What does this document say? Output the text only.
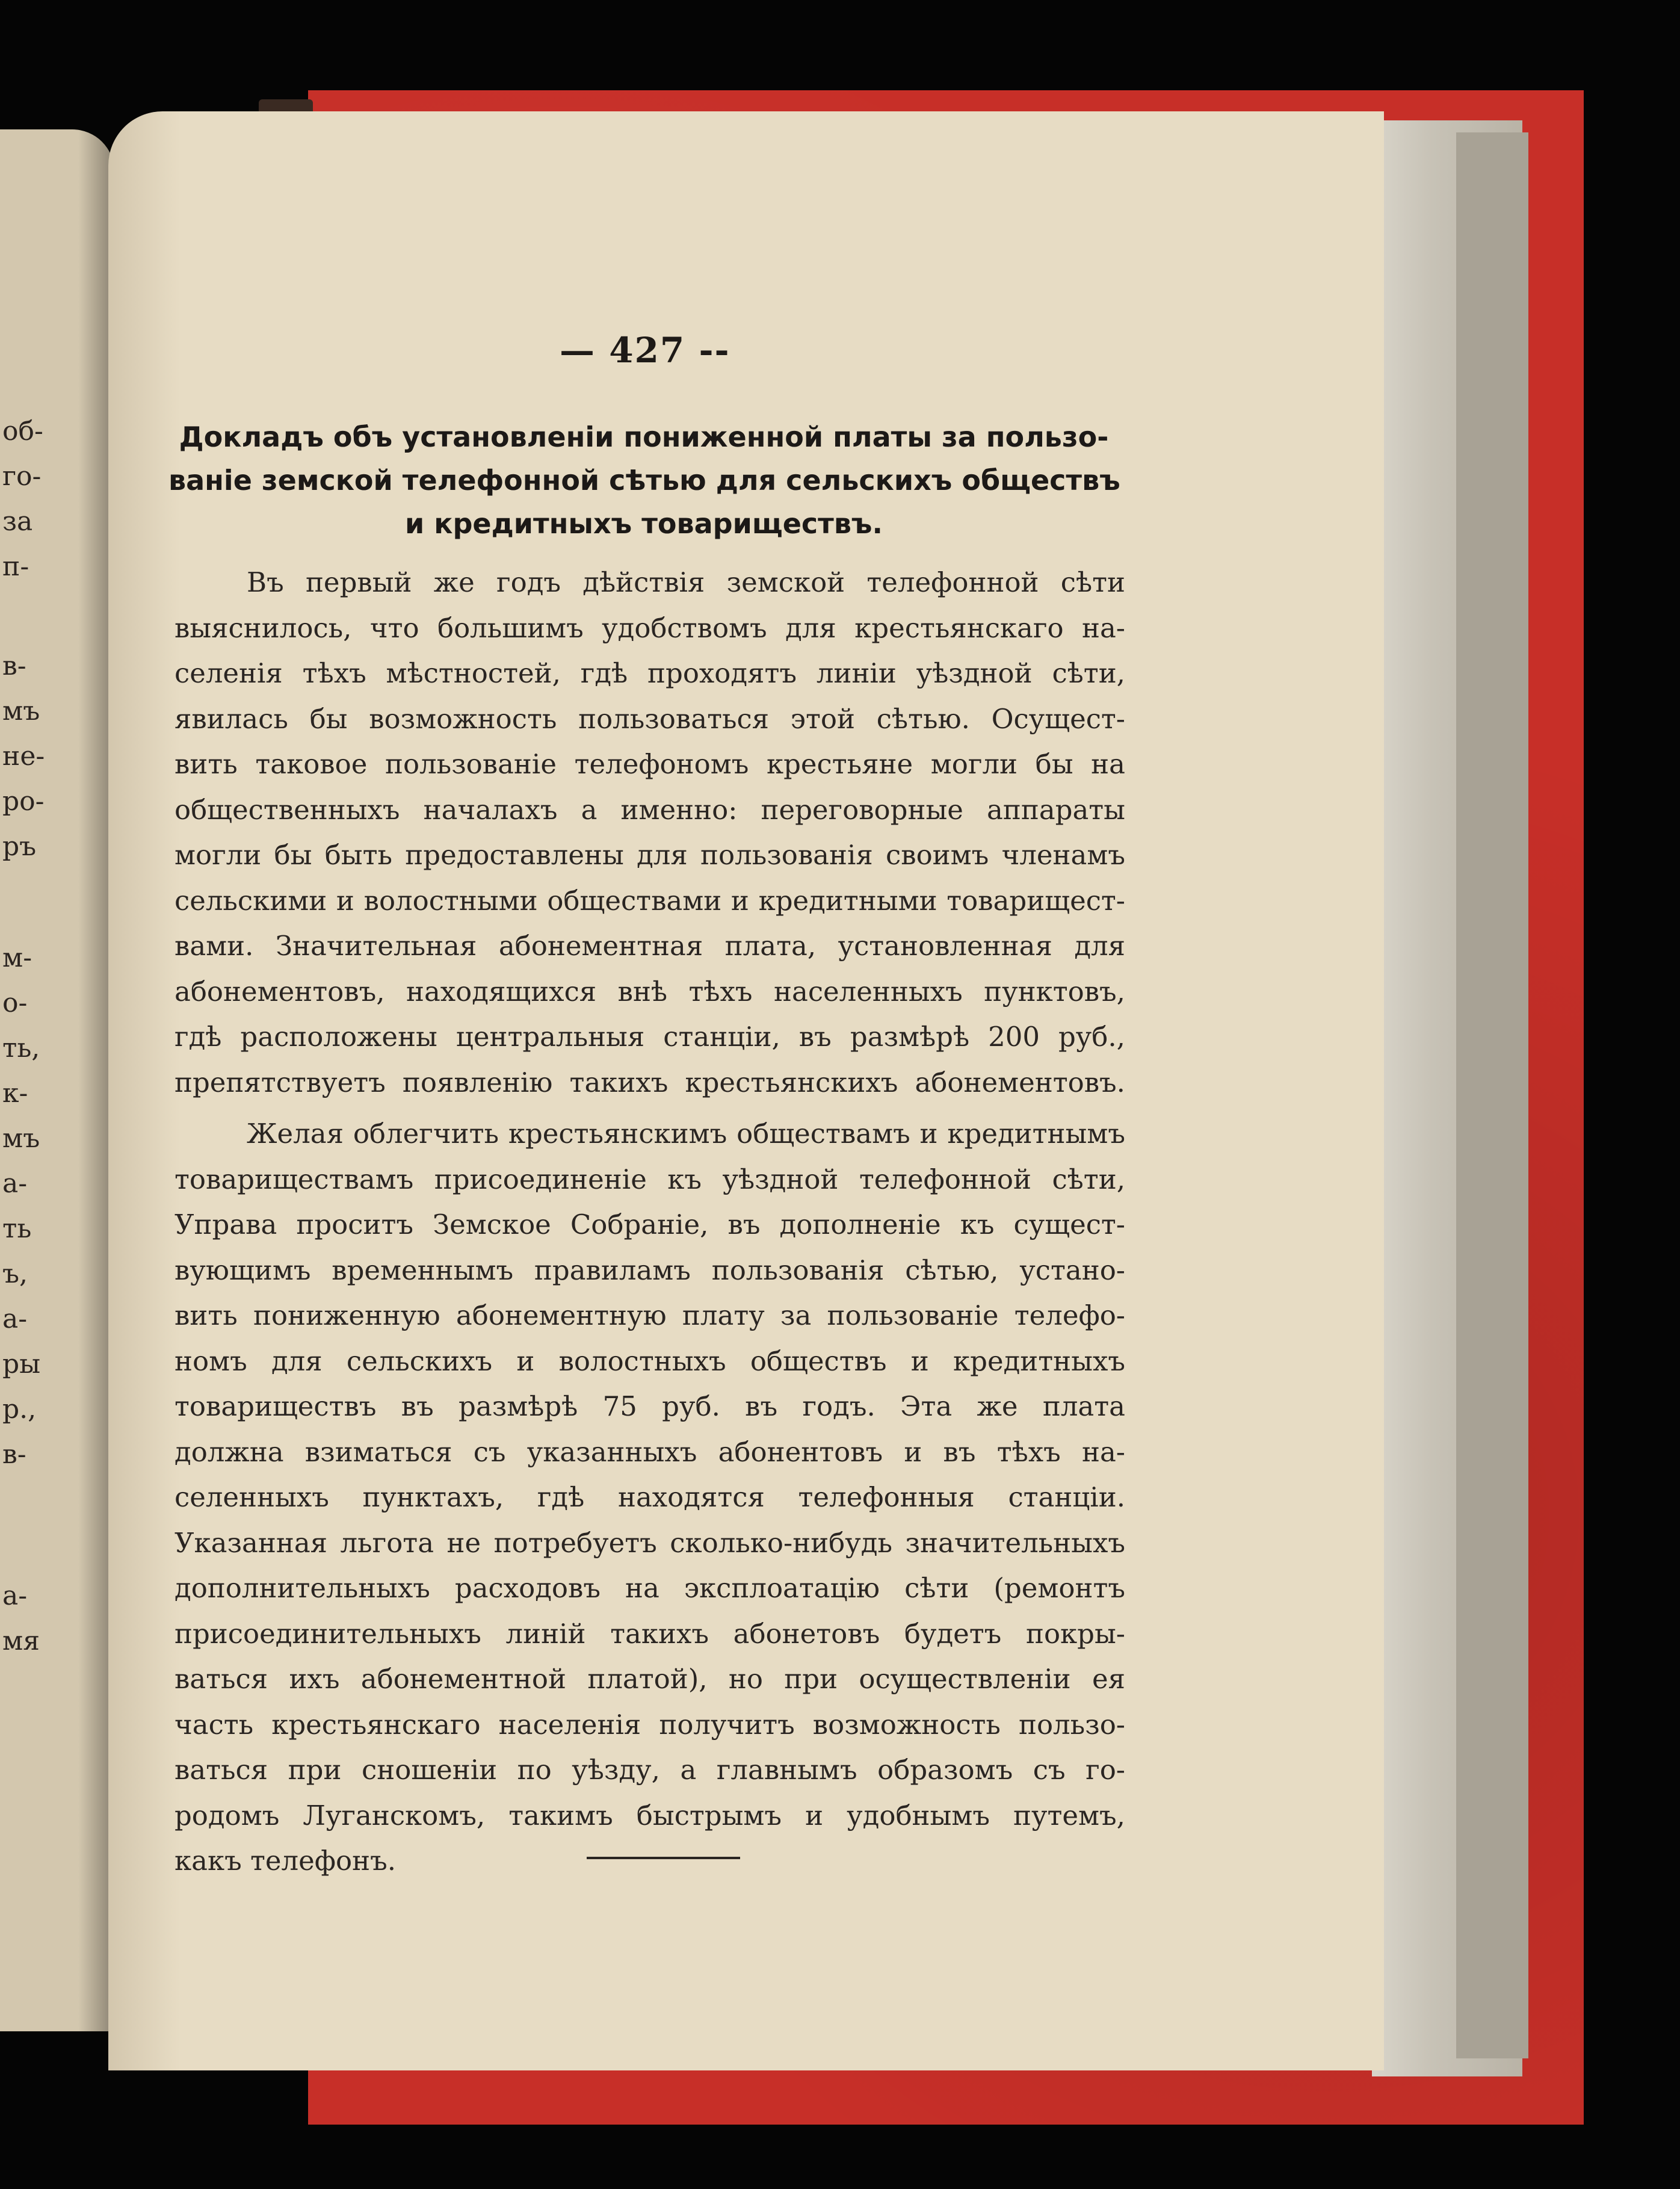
об-
го-
за
п-
в-
мъ
не-
ро-
ръ
м-
о-
ть,
к-
мъ
а-
ть
ъ,
а-
ры
р.,
в-
а-
мя
— 427 --
Докладъ объ установленіи пониженной платы за пользо-
ваніе земской телефонной сѣтью для сельскихъ обществъ
и кредитныхъ товариществъ.
Въ первый же годъ дѣйствія земской телефонной сѣти
выяснилось, что большимъ удобствомъ для крестьянскаго на-
селенія тѣхъ мѣстностей, гдѣ проходятъ линіи уѣздной сѣти,
явилась бы возможность пользоваться этой сѣтью. Осущест-
вить таковое пользованіе телефономъ крестьяне могли бы на
общественныхъ началахъ а именно: переговорные аппараты
могли бы быть предоставлены для пользованія своимъ членамъ
сельскими и волостными обществами и кредитными товарищест-
вами. Значительная абонементная плата, установленная для
абонементовъ, находящихся внѣ тѣхъ населенныхъ пунктовъ,
гдѣ расположены центральныя станціи, въ размѣрѣ 200 руб.,
препятствуетъ появленію такихъ крестьянскихъ абонементовъ.
Желая облегчить крестьянскимъ обществамъ и кредитнымъ
товариществамъ присоединеніе къ уѣздной телефонной сѣти,
Управа проситъ Земское Собраніе, въ дополненіе къ сущест-
вующимъ временнымъ правиламъ пользованія сѣтью, устано-
вить пониженную абонементную плату за пользованіе телефо-
номъ для сельскихъ и волостныхъ обществъ и кредитныхъ
товариществъ въ размѣрѣ 75 руб. въ годъ. Эта же плата
должна взиматься съ указанныхъ абонентовъ и въ тѣхъ на-
селенныхъ пунктахъ, гдѣ находятся телефонныя станціи.
Указанная льгота не потребуетъ сколько-нибудь значительныхъ
дополнительныхъ расходовъ на эксплоатацію сѣти (ремонтъ
присоединительныхъ линій такихъ абонетовъ будетъ покры-
ваться ихъ абонементной платой), но при осуществленіи ея
часть крестьянскаго населенія получитъ возможность пользо-
ваться при сношеніи по уѣзду, а главнымъ образомъ съ го-
родомъ Луганскомъ, такимъ быстрымъ и удобнымъ путемъ,
какъ телефонъ.
